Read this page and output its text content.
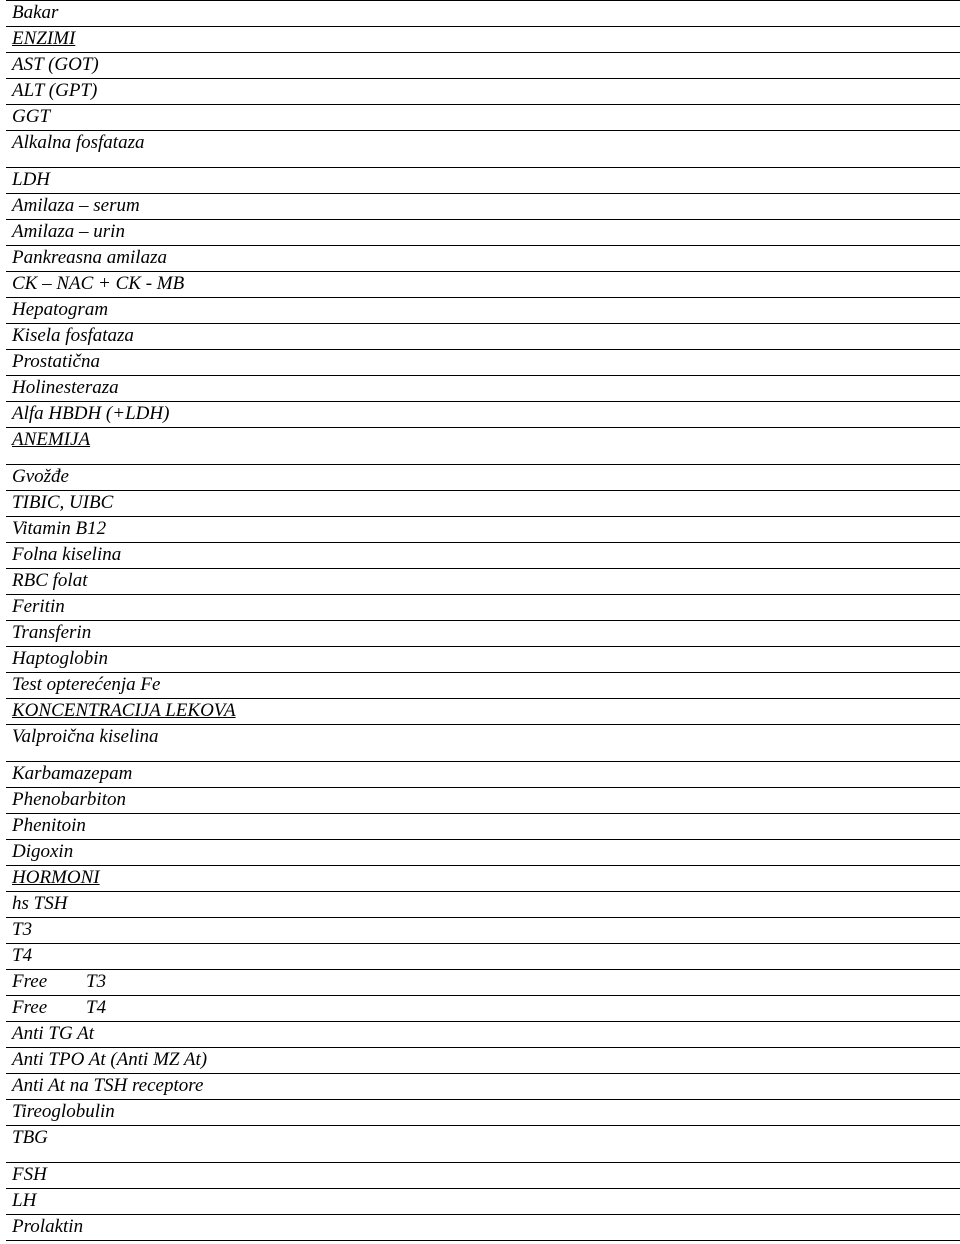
Bakar	
ENZIMI	
AST (GOT)	
ALT (GPT)	
GGT	
Alkalna fosfataza	
LDH	
Amilaza – serum	
Amilaza – urin	
Pankreasna amilaza	
CK – NAC + CK - MB	
Hepatogram	
Kisela fosfataza	
Prostatična	
Holinesteraza	
Alfa HBDH (+LDH)	
ANEMIJA	
Gvožđe	
TIBIC, UIBC	
Vitamin B12	
Folna kiselina	
RBC folat	
Feritin	
Transferin	
Haptoglobin	
Test opterećenja Fe	
KONCENTRACIJA LEKOVA	
Valproična kiselina	
Karbamazepam	
Phenobarbiton	
Phenitoin	
Digoxin	
HORMONI	
hs TSH	
T3	
T4	
Free T3	
Free T4	
Anti TG At	
Anti TPO At (Anti MZ At)	
Anti At na TSH receptore	
Tireoglobulin	
TBG	
FSH	
LH	
Prolaktin	
